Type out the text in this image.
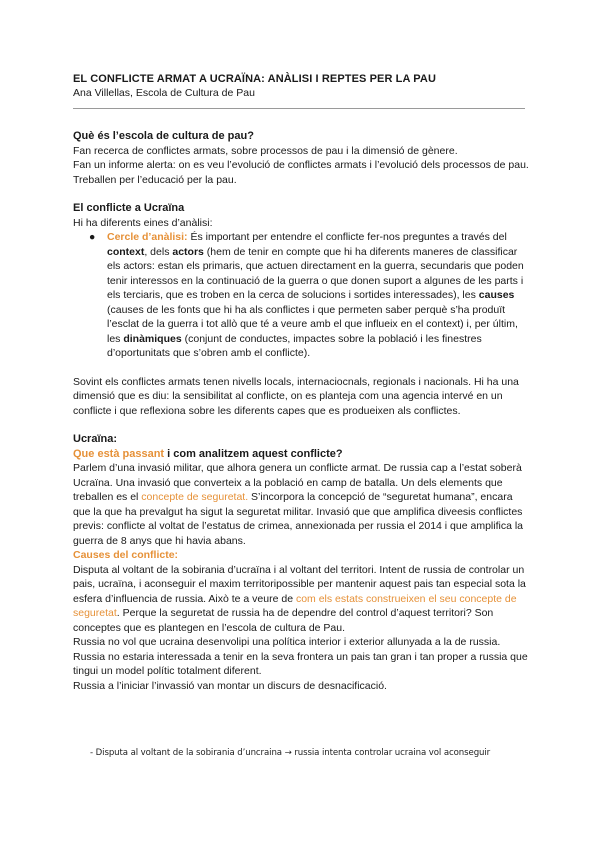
EL CONFLICTE ARMAT A UCRAÏNA: ANÀLISI I REPTES PER LA PAU
Ana Villellas, Escola de Cultura de Pau
Què és l’escola de cultura de pau?

Fan recerca de conflictes armats, sobre processos de pau i la dimensió de gènere.

Fan un informe alerta: on es veu l’evolució de conflictes armats i l’evolució dels processos de pau.

Treballen per l’educació per la pau.

El conflicte a Ucraïna

Hi ha diferents eines d’anàlisi:

● Cercle d’anàlisi: És important per entendre el conflicte fer-nos preguntes a través del context, dels actors (hem de tenir en compte que hi ha diferents maneres de classificar els actors: estan els primaris, que actuen directament en la guerra, secundaris que poden tenir interessos en la continuació de la guerra o que donen suport a algunes de les parts i els terciaris, que es troben en la cerca de solucions i sortides interessades), les causes (causes de les fonts que hi ha als conflictes i que permeten saber perquè s’ha produït l’esclat de la guerra i tot allò que té a veure amb el que influeix en el context) i, per últim, les dinàmiques (conjunt de conductes, impactes sobre la població i les finestres d’oportunitats que s’obren amb el conflicte).

Sovint els conflictes armats tenen nivells locals, internaciocnals, regionals i nacionals. Hi ha una dimensió que es diu: la sensibilitat al conflicte, on es planteja com una agencia intervé en un conflicte i que reflexiona sobre les diferents capes que es produeixen als conflictes.

Ucraïna:
Que està passant i com analitzem aquest conflicte?

Parlem d’una invasió militar, que alhora genera un conflicte armat. De russia cap a l’estat soberà Ucraïna. Una invasió que converteix a la població en camp de batalla. Un dels elements que treballen es el concepte de seguretat. S’incorpora la concepció de “seguretat humana”, encara que la que ha prevalgut ha sigut la seguretat militar. Invasió que que amplifica diveesis conflictes previs: conflicte al voltat de l’estatus de crimea, annexionada per russia el 2014 i que amplifica la guerra de 8 anys que hi havia abans.

Causes del conflicte:

Disputa al voltant de la sobirania d’ucraïna i al voltant del territori. Intent de russia de controlar un pais, ucraïna, i aconseguir el maxim territoripossible per mantenir aquest pais tan especial sota la esfera d’influencia de russia. Això te a veure de com els estats construeixen el seu concepte de seguretat. Perque la seguretat de russia ha de dependre del control d’aquest territori? Son conceptes que es plantegen en l’escola de cultura de Pau.

Russia no vol que ucraina desenvolipi una política interior i exterior allunyada a la de russia.

Russia no estaria interessada a tenir en la seva frontera un pais tan gran i tan proper a russia que tingui un model polític totalment diferent.

Russia a l’iniciar l’invassió van montar un discurs de desnacificació.

- Disputa al voltant de la sobirania d’uncraina → russia intenta controlar ucraina vol aconseguir
